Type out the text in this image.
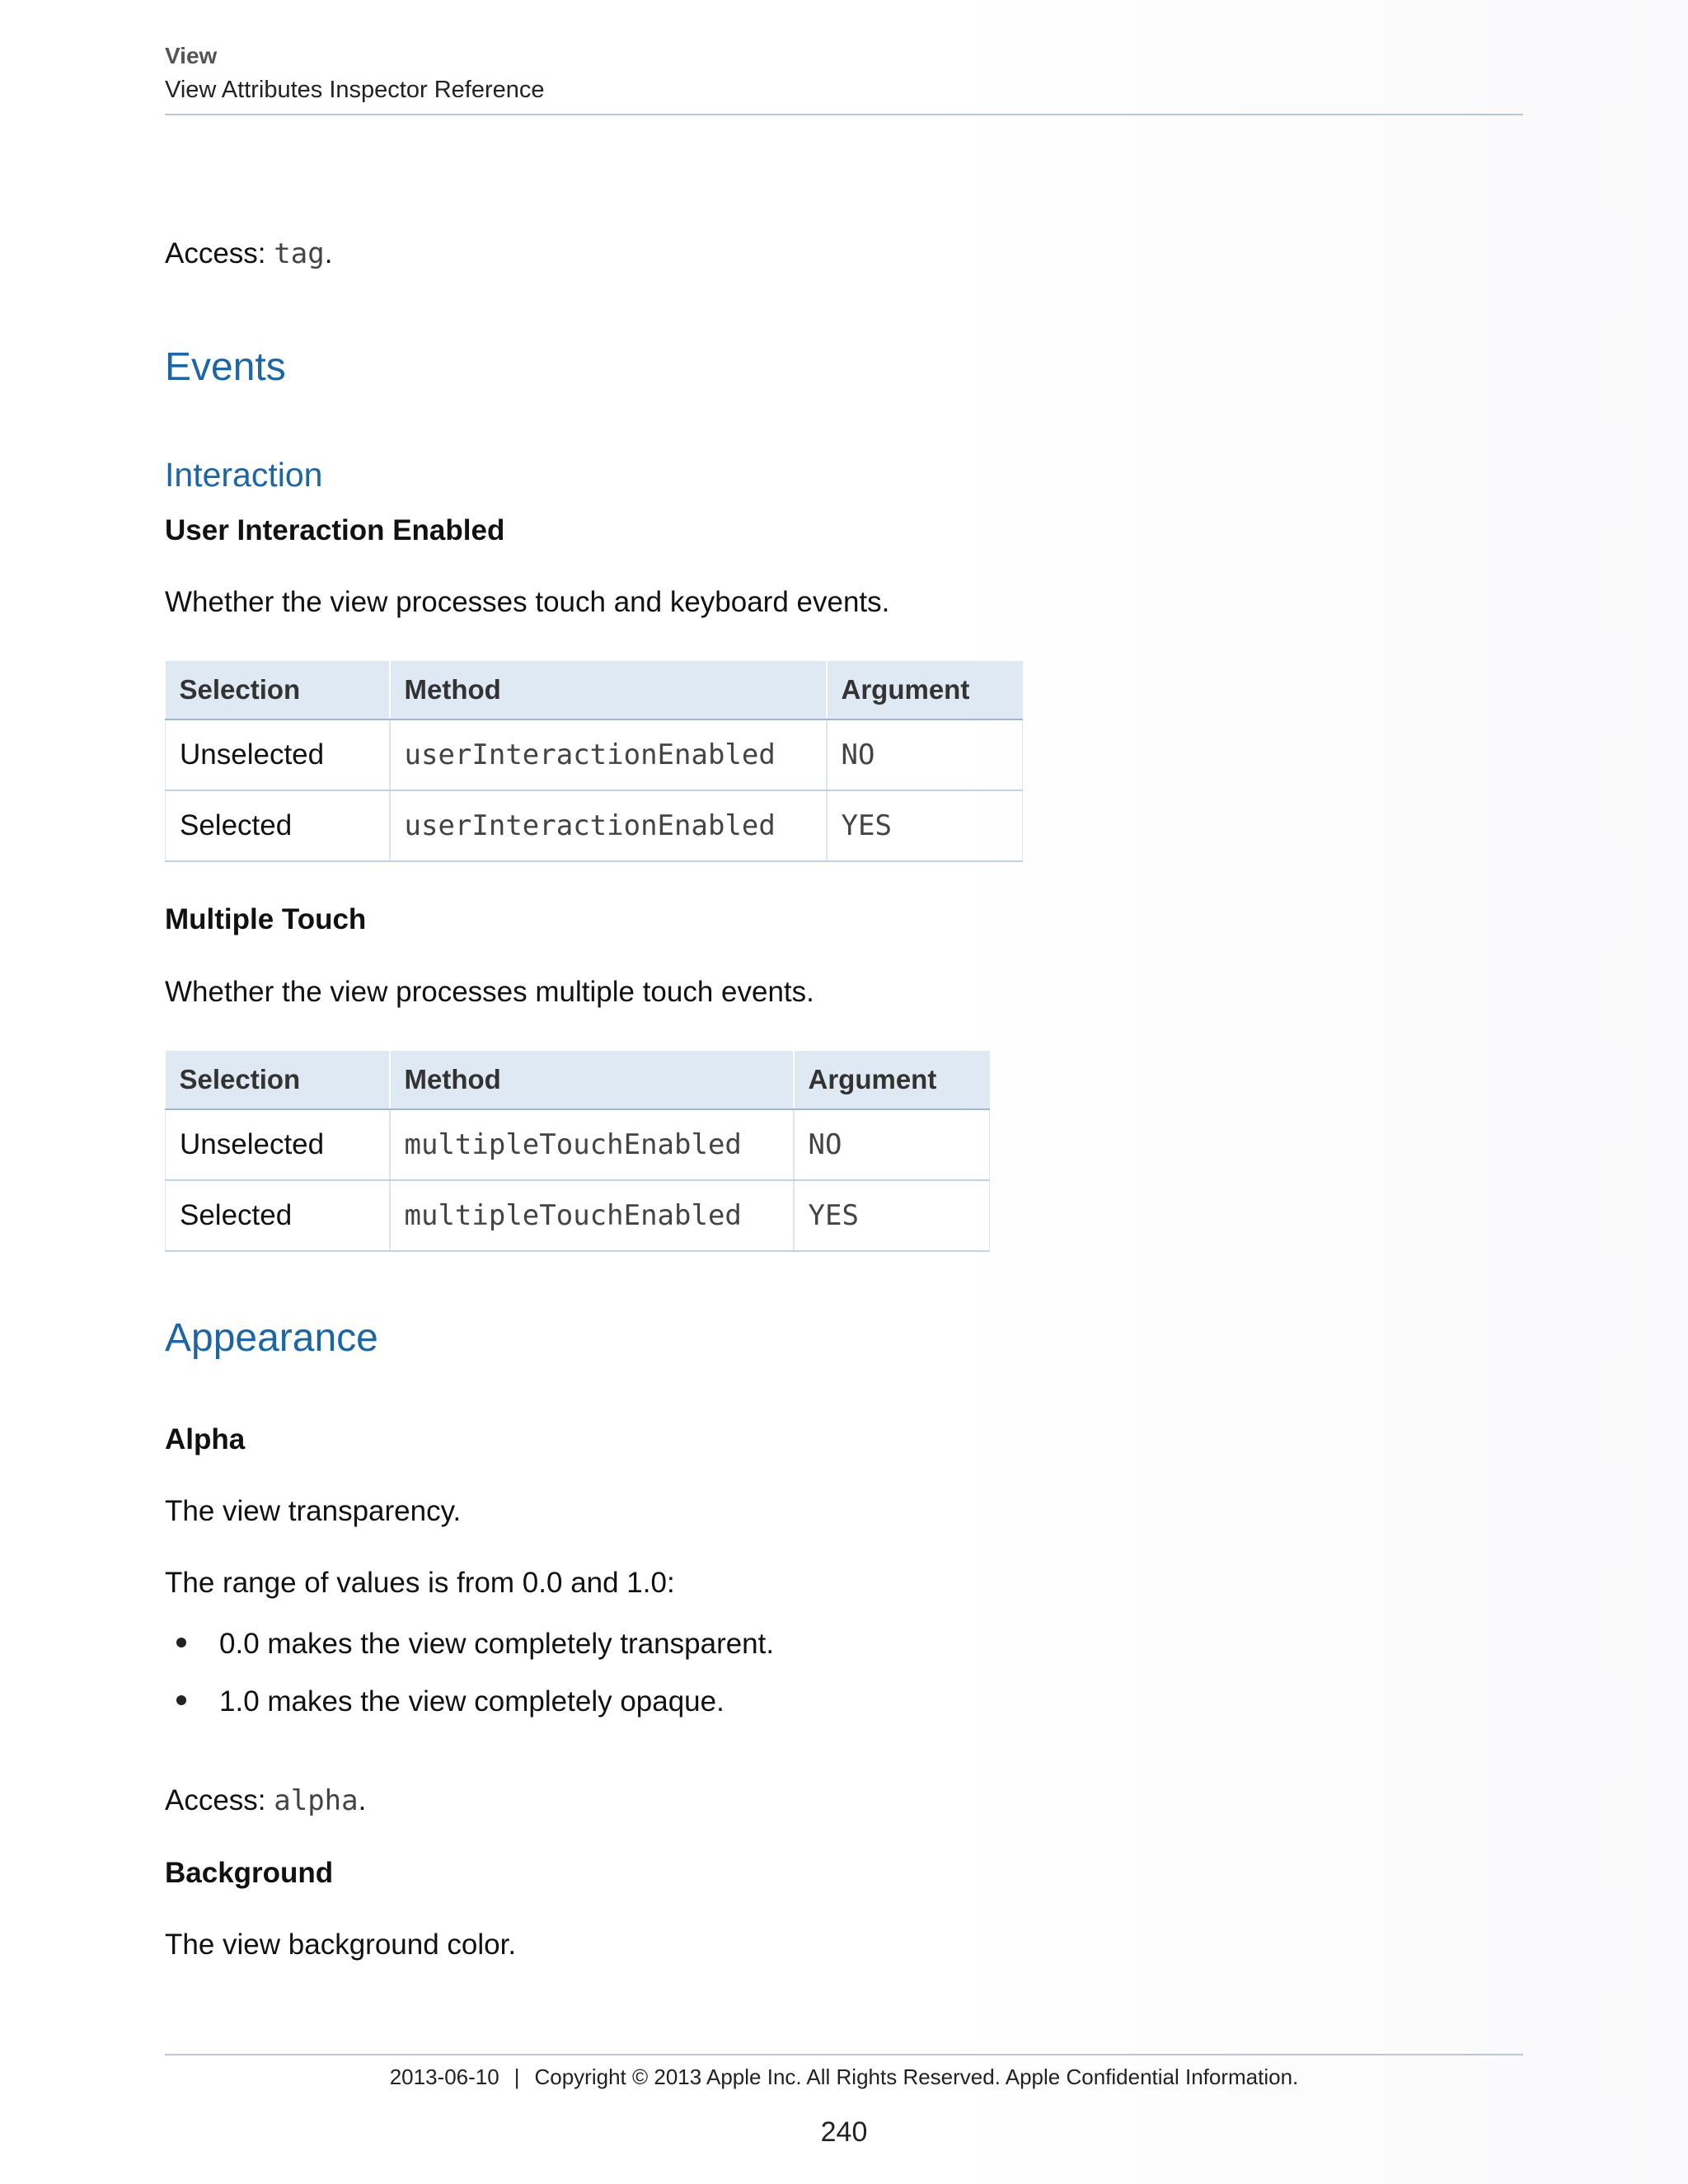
View
View Attributes Inspector Reference
Access: tag.
Events
Interaction
User Interaction Enabled
Whether the view processes touch and keyboard events.
Selection	Method	Argument
Unselected	userInteractionEnabled	NO
Selected	userInteractionEnabled	YES
Multiple Touch
Whether the view processes multiple touch events.
Selection	Method	Argument
Unselected	multipleTouchEnabled	NO
Selected	multipleTouchEnabled	YES
Appearance
Alpha
The view transparency.
The range of values is from 0.0 and 1.0:
0.0 makes the view completely transparent.
1.0 makes the view completely opaque.
Access: alpha.
Background
The view background color.
2013-06-10 | Copyright © 2013 Apple Inc. All Rights Reserved. Apple Confidential Information.
240
